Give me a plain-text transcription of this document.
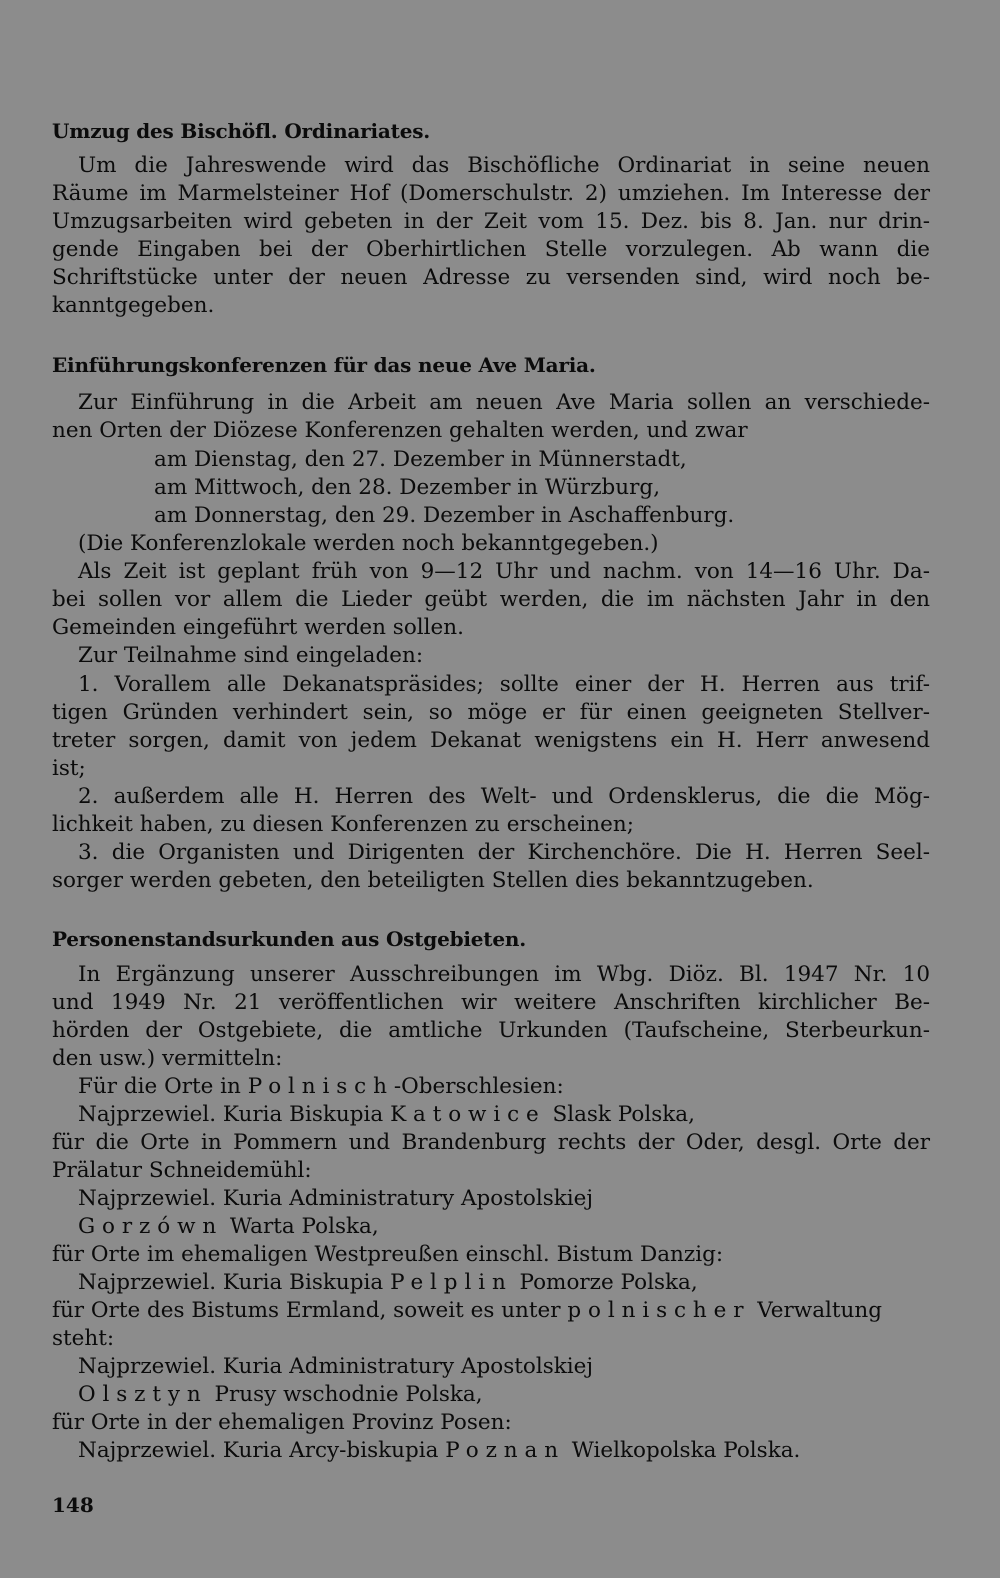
Umzug des Bischöfl. Ordinariates.
Um die Jahreswende wird das Bischöfliche Ordinariat in seine neuen
Räume im Marmelsteiner Hof (Domerschulstr. 2) umziehen. Im Interesse der
Umzugsarbeiten wird gebeten in der Zeit vom 15. Dez. bis 8. Jan. nur drin-
gende Eingaben bei der Oberhirtlichen Stelle vorzulegen. Ab wann die
Schriftstücke unter der neuen Adresse zu versenden sind, wird noch be-
kanntgegeben.
Einführungskonferenzen für das neue Ave Maria.
Zur Einführung in die Arbeit am neuen Ave Maria sollen an verschiede-
nen Orten der Diözese Konferenzen gehalten werden, und zwar
am Dienstag, den 27. Dezember in Münnerstadt,
am Mittwoch, den 28. Dezember in Würzburg,
am Donnerstag, den 29. Dezember in Aschaffenburg.
(Die Konferenzlokale werden noch bekanntgegeben.)
Als Zeit ist geplant früh von 9—12 Uhr und nachm. von 14—16 Uhr. Da-
bei sollen vor allem die Lieder geübt werden, die im nächsten Jahr in den
Gemeinden eingeführt werden sollen.
Zur Teilnahme sind eingeladen:
1. Vorallem alle Dekanatspräsides; sollte einer der H. Herren aus trif-
tigen Gründen verhindert sein, so möge er für einen geeigneten Stellver-
treter sorgen, damit von jedem Dekanat wenigstens ein H. Herr anwesend
ist;
2. außerdem alle H. Herren des Welt- und Ordensklerus, die die Mög-
lichkeit haben, zu diesen Konferenzen zu erscheinen;
3. die Organisten und Dirigenten der Kirchenchöre. Die H. Herren Seel-
sorger werden gebeten, den beteiligten Stellen dies bekanntzugeben.
Personenstandsurkunden aus Ostgebieten.
In Ergänzung unserer Ausschreibungen im Wbg. Diöz. Bl. 1947 Nr. 10
und 1949 Nr. 21 veröffentlichen wir weitere Anschriften kirchlicher Be-
hörden der Ostgebiete, die amtliche Urkunden (Taufscheine, Sterbeurkun-
den usw.) vermitteln:
Für die Orte in Polnisch-Oberschlesien:
Najprzewiel. Kuria Biskupia Katowice Slask Polska,
für die Orte in Pommern und Brandenburg rechts der Oder, desgl. Orte der
Prälatur Schneidemühl:
Najprzewiel. Kuria Administratury Apostolskiej
Gorzówn Warta Polska,
für Orte im ehemaligen Westpreußen einschl. Bistum Danzig:
Najprzewiel. Kuria Biskupia Pelplin Pomorze Polska,
für Orte des Bistums Ermland, soweit es unter polnischer Verwaltung
steht:
Najprzewiel. Kuria Administratury Apostolskiej
Olsztyn Prusy wschodnie Polska,
für Orte in der ehemaligen Provinz Posen:
Najprzewiel. Kuria Arcy-biskupia Poznan Wielkopolska Polska.
148
